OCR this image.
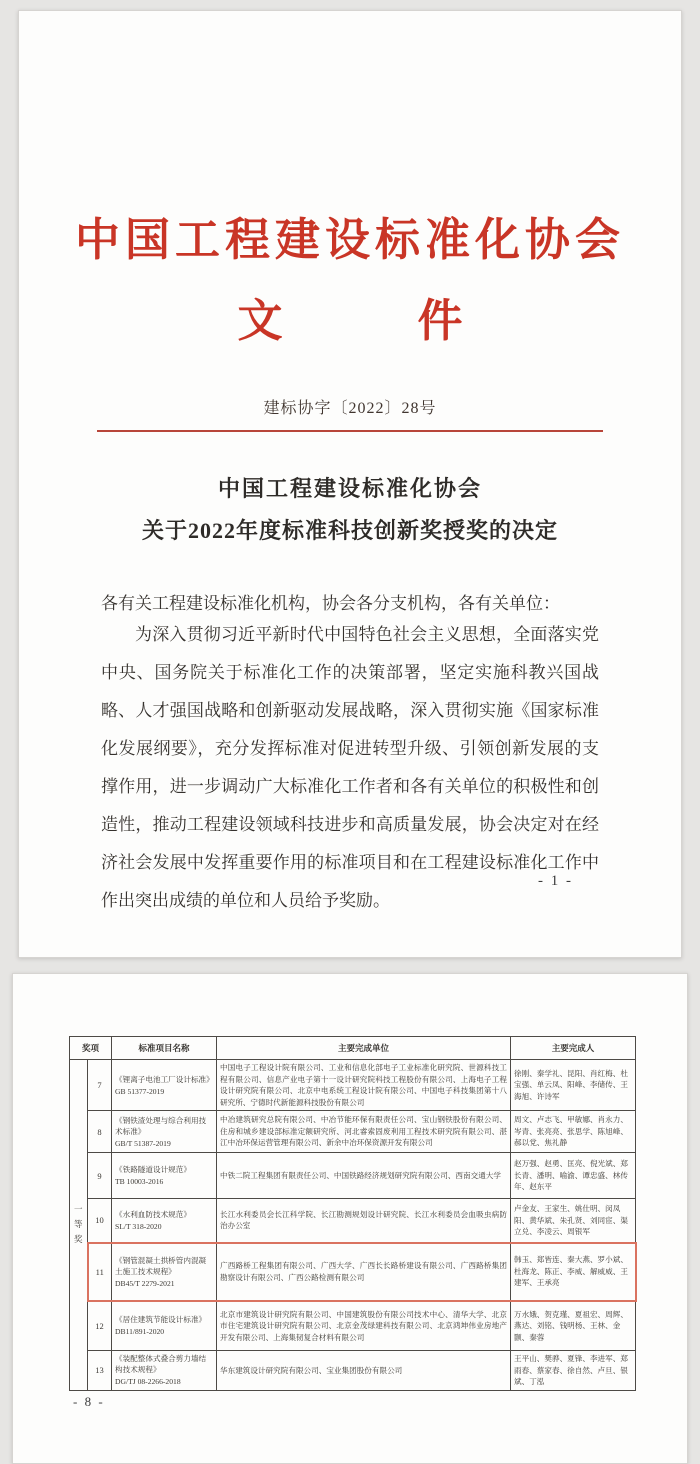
中国工程建设标准化协会
文　　　件
建标协字〔2022〕28号
中国工程建设标准化协会
关于2022年度标准科技创新奖授奖的决定
各有关工程建设标准化机构，协会各分支机构，各有关单位：
为深入贯彻习近平新时代中国特色社会主义思想，全面落实党中央、国务院关于标准化工作的决策部署，坚定实施科教兴国战略、人才强国战略和创新驱动发展战略，深入贯彻实施《国家标准化发展纲要》，充分发挥标准对促进转型升级、引领创新发展的支撑作用，进一步调动广大标准化工作者和各有关单位的积极性和创造性，推动工程建设领域科技进步和高质量发展，协会决定对在经济社会发展中发挥重要作用的标准项目和在工程建设标准化工作中作出突出成绩的单位和人员给予奖励。
- 1 -
奖项		标准项目名称	主要完成单位	主要完成人
一等奖	7	《锂离子电池工厂设计标准》
GB 51377-2019	中国电子工程设计院有限公司、工业和信息化部电子工业标准化研究院、世源科技工程有限公司、信息产业电子第十一设计研究院科技工程股份有限公司、上海电子工程设计研究院有限公司、北京中电系统工程设计院有限公司、中国电子科技集团第十八研究所、宁德时代新能源科技股份有限公司	徐刚、秦学礼、昆阳、肖红梅、杜宝强、单云凤、阳峰、李储传、王海旭、许诗军
	8	《钢铁渣处理与综合利用技术标准》
GB/T 51387-2019	中冶建筑研究总院有限公司、中冶节能环保有限责任公司、宝山钢铁股份有限公司、住房和城乡建设部标准定额研究所、河北睿索固废利用工程技术研究院有限公司、湛江中冶环保运营管理有限公司、新余中冶环保资源开发有限公司	周文、卢志飞、甲敏娜、肖永力、岑青、张亮亮、张思学、陈旭峰、郝以党、焦礼静
	9	《铁路隧道设计规范》
TB 10003-2016	中铁二院工程集团有限责任公司、中国铁路经济规划研究院有限公司、西南交通大学	赵万强、赵勇、匡亮、倪光斌、郑长青、潘明、喻渝、谭忠盛、林传年、赵东平
	10	《水利血防技术规范》
SL/T 318-2020	长江水利委员会长江科学院、长江勘测规划设计研究院、长江水利委员会血吸虫病防治办公室	卢金友、王家生、姚仕明、闵凤阳、黄华斌、朱孔贤、刘同宦、渠立兑、李凌云、周银军
	11	《钢管混凝土拱桥管内混凝土施工技术规程》
DB45/T 2279-2021	广西路桥工程集团有限公司、广西大学、广西长长路桥建设有限公司、广西路桥集团勘察设计有限公司、广西公路检测有限公司	韩玉、郑皆连、秦大燕、罗小斌、杜海龙、陈正、李威、解威威、王建军、王承亮
	12	《居住建筑节能设计标准》
DB11/891-2020	北京市建筑设计研究院有限公司、中国建筑股份有限公司技术中心、清华大学、北京市住宅建筑设计研究院有限公司、北京金茂绿建科技有限公司、北京鸿坤伟业房地产开发有限公司、上海集韧复合材料有限公司	万水娥、贺克瑾、夏祖宏、周辉、燕达、刘铭、钱明杨、王林、金颢、秦蓉
	13	《装配整体式叠合剪力墙结构技术规程》
DG/TJ 08-2266-2018	华东建筑设计研究院有限公司、宝业集团股份有限公司	王平山、樊骅、夏锋、李进军、郑雨春、蔡家春、徐自然、卢旦、银斌、丁泓
- 8 -
